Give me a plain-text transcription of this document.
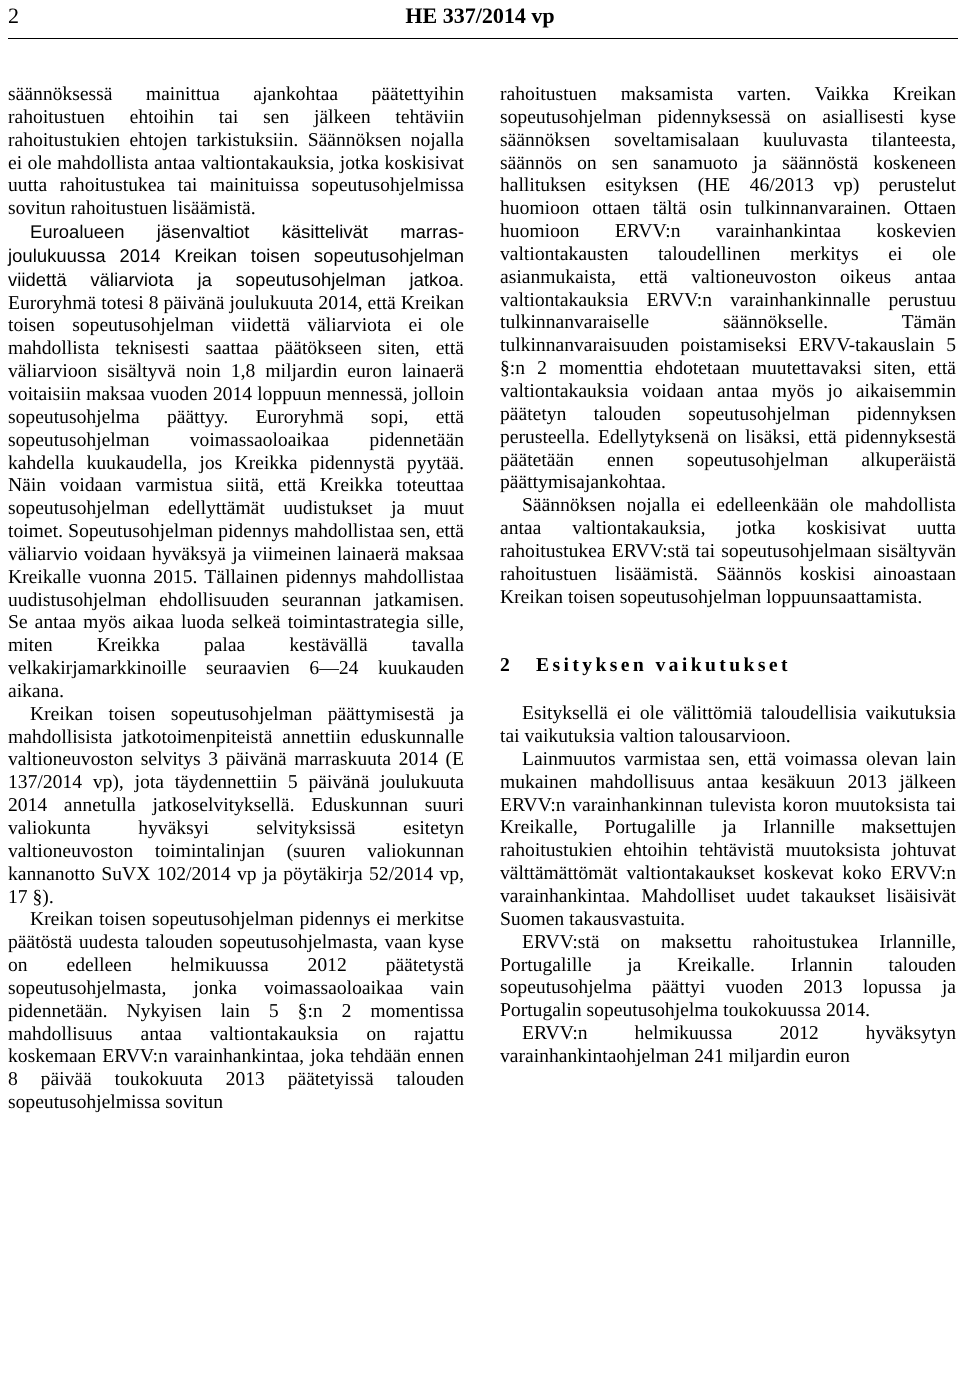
2	HE 337/2014 vp

säännöksessä mainittua ajankohtaa päätettyihin rahoitustuen ehtoihin tai sen jälkeen tehtäviin rahoitustukien ehtojen tarkistuksiin. Säännöksen nojalla ei ole mahdollista antaa valtiontakauksia, jotka koskisivat uutta rahoitustukea tai mainituissa sopeutusohjelmissa sovitun rahoitustuen lisäämistä.

Euroalueen jäsenvaltiot käsittelivät marras-joulukuussa 2014 Kreikan toisen sopeutusohjelman viidettä väliarviota ja sopeutusohjelman jatkoa.

Euroryhmä totesi 8 päivänä joulukuuta 2014, että Kreikan toisen sopeutusohjelman viidettä väliarviota ei ole mahdollista teknisesti saattaa päätökseen siten, että väliarvioon sisältyvä noin 1,8 miljardin euron lainaerä voitaisiin maksaa vuoden 2014 loppuun mennessä, jolloin sopeutusohjelma päättyy. Euroryhmä sopi, että sopeutusohjelman voimassaoloaikaa pidennetään kahdella kuukaudella, jos Kreikka pidennystä pyytää. Näin voidaan varmistua siitä, että Kreikka toteuttaa sopeutusohjelman edellyttämät uudistukset ja muut toimet. Sopeutusohjelman pidennys mahdollistaa sen, että väliarvio voidaan hyväksyä ja viimeinen lainaerä maksaa Kreikalle vuonna 2015. Tällainen pidennys mahdollistaa uudistusohjelman ehdollisuuden seurannan jatkamisen. Se antaa myös aikaa luoda selkeä toimintastrategia sille, miten Kreikka palaa kestävällä tavalla velkakirjamarkkinoille seuraavien 6—24 kuukauden aikana.

Kreikan toisen sopeutusohjelman päättymisestä ja mahdollisista jatkotoimenpiteistä annettiin eduskunnalle valtioneuvoston selvitys 3 päivänä marraskuuta 2014 (E 137/2014 vp), jota täydennettiin 5 päivänä joulukuuta 2014 annetulla jatkoselvityksellä. Eduskunnan suuri valiokunta hyväksyi selvityksissä esitetyn valtioneuvoston toimintalinjan (suuren valiokunnan kannanotto SuVX 102/2014 vp ja pöytäkirja 52/2014 vp, 17 §).

Kreikan toisen sopeutusohjelman pidennys ei merkitse päätöstä uudesta talouden sopeutusohjelmasta, vaan kyse on edelleen helmikuussa 2012 päätetystä sopeutusohjelmasta, jonka voimassaoloaikaa vain pidennetään. Nykyisen lain 5 §:n 2 momentissa mahdollisuus antaa valtiontakauksia on rajattu koskemaan ERVV:n varainhankintaa, joka tehdään ennen 8 päivää toukokuuta 2013 päätetyissä talouden sopeutusohjelmissa sovitun

rahoitustuen maksamista varten. Vaikka Kreikan sopeutusohjelman pidennyksessä on asiallisesti kyse säännöksen soveltamisalaan kuuluvasta tilanteesta, säännös on sen sanamuoto ja säännöstä koskeneen hallituksen esityksen (HE 46/2013 vp) perustelut huomioon ottaen tältä osin tulkinnanvarainen. Ottaen huomioon ERVV:n varainhankintaa koskevien valtiontakausten taloudellinen merkitys ei ole asianmukaista, että valtioneuvoston oikeus antaa valtiontakauksia ERVV:n varainhankinnalle perustuu tulkinnanvaraiselle säännökselle. Tämän tulkinnanvaraisuuden poistamiseksi ERVV-takauslain 5 §:n 2 momenttia ehdotetaan muutettavaksi siten, että valtiontakauksia voidaan antaa myös jo aikaisemmin päätetyn talouden sopeutusohjelman pidennyksen perusteella. Edellytyksenä on lisäksi, että pidennyksestä päätetään ennen sopeutusohjelman alkuperäistä päättymisajankohtaa.

Säännöksen nojalla ei edelleenkään ole mahdollista antaa valtiontakauksia, jotka koskisivat uutta rahoitustukea ERVV:stä tai sopeutusohjelmaan sisältyvän rahoitustuen lisäämistä. Säännös koskisi ainoastaan Kreikan toisen sopeutusohjelman loppuunsaattamista.

2 Esityksen vaikutukset

Esityksellä ei ole välittömiä taloudellisia vaikutuksia tai vaikutuksia valtion talousarvioon.

Lainmuutos varmistaa sen, että voimassa olevan lain mukainen mahdollisuus antaa kesäkuun 2013 jälkeen ERVV:n varainhankinnan tulevista koron muutoksista tai Kreikalle, Portugalille ja Irlannille maksettujen rahoitustukien ehtoihin tehtävistä muutoksista johtuvat välttämättömät valtiontakaukset koskevat koko ERVV:n varainhankintaa. Mahdolliset uudet takaukset lisäisivät Suomen takausvastuita.

ERVV:stä on maksettu rahoitustukea Irlannille, Portugalille ja Kreikalle. Irlannin talouden sopeutusohjelma päättyi vuoden 2013 lopussa ja Portugalin sopeutusohjelma toukokuussa 2014.

ERVV:n helmikuussa 2012 hyväksytyn varainhankintaohjelman 241 miljardin euron
